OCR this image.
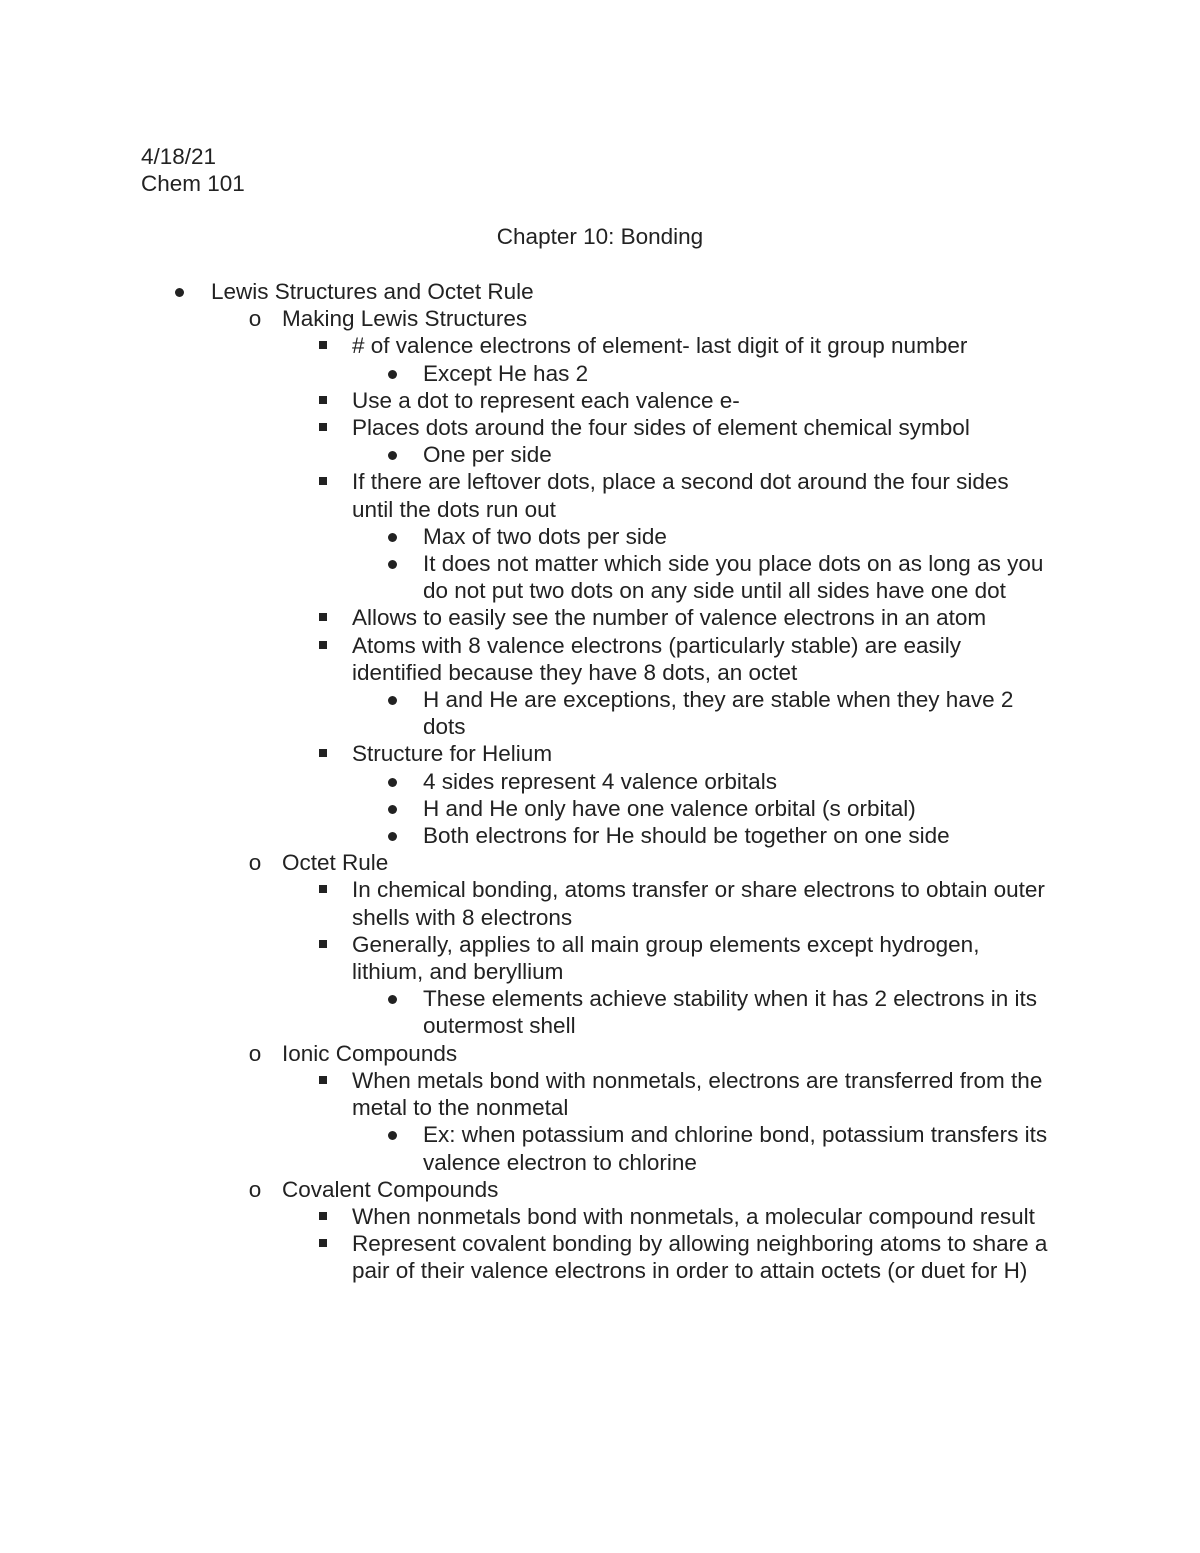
4/18/21
Chem 101
Chapter 10: Bonding
Lewis Structures and Octet Rule
o Making Lewis Structures
# of valence electrons of element- last digit of it group number
Except He has 2
Use a dot to represent each valence e-
Places dots around the four sides of element chemical symbol
One per side
If there are leftover dots, place a second dot around the four sides until the dots run out
Max of two dots per side
It does not matter which side you place dots on as long as you do not put two dots on any side until all sides have one dot
Allows to easily see the number of valence electrons in an atom
Atoms with 8 valence electrons (particularly stable) are easily identified because they have 8 dots, an octet
H and He are exceptions, they are stable when they have 2 dots
Structure for Helium
4 sides represent 4 valence orbitals
H and He only have one valence orbital (s orbital)
Both electrons for He should be together on one side
o Octet Rule
In chemical bonding, atoms transfer or share electrons to obtain outer shells with 8 electrons
Generally, applies to all main group elements except hydrogen, lithium, and beryllium
These elements achieve stability when it has 2 electrons in its outermost shell
o Ionic Compounds
When metals bond with nonmetals, electrons are transferred from the metal to the nonmetal
Ex: when potassium and chlorine bond, potassium transfers its valence electron to chlorine
o Covalent Compounds
When nonmetals bond with nonmetals, a molecular compound result
Represent covalent bonding by allowing neighboring atoms to share a pair of their valence electrons in order to attain octets (or duet for H)
